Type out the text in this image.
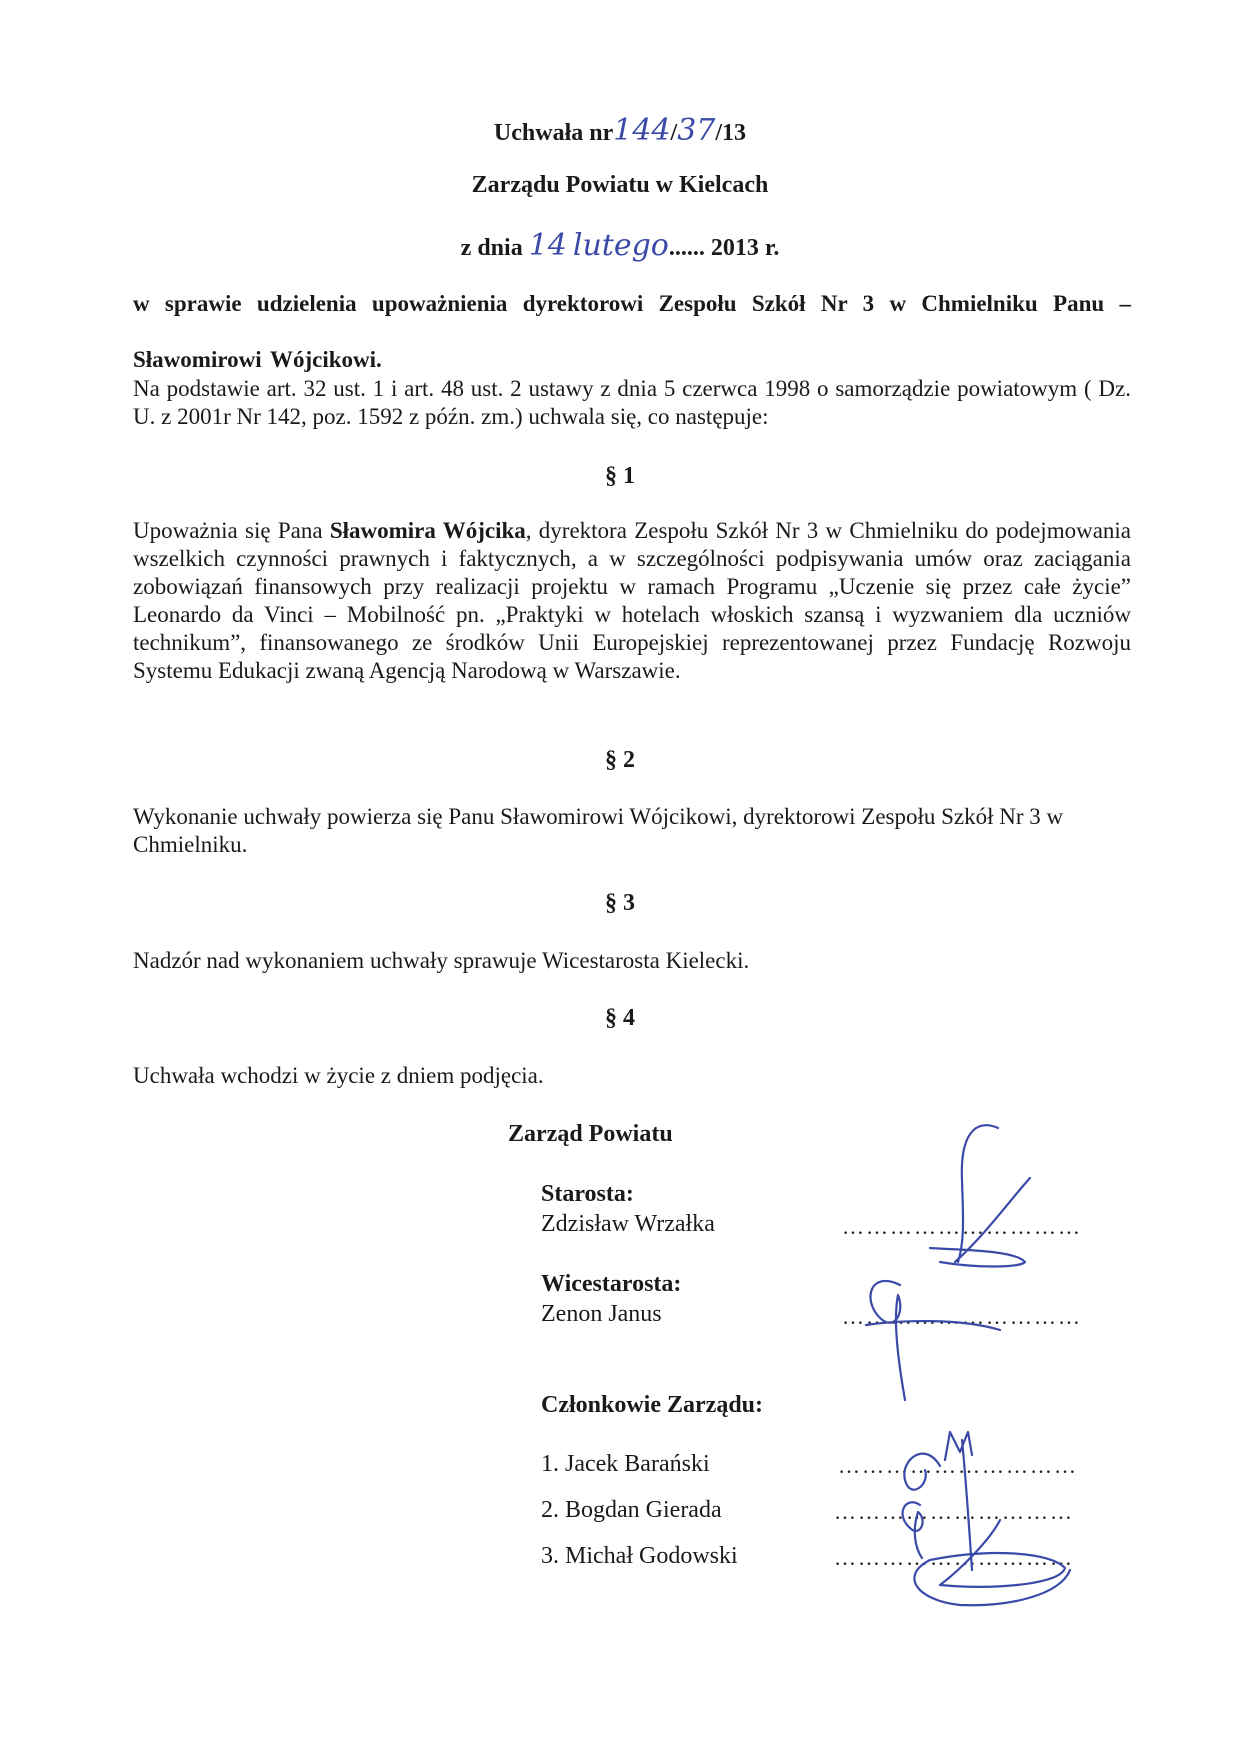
Uchwała nr144/37/13
Zarządu Powiatu w Kielcach
z dnia 14 lutego...... 2013 r.
w sprawie udzielenia upoważnienia dyrektorowi Zespołu Szkół Nr 3 w Chmielniku Panu –
Sławomirowi Wójcikowi.
Na podstawie art. 32 ust. 1 i art. 48 ust. 2 ustawy z dnia 5 czerwca 1998 o samorządzie powiatowym ( Dz. U. z 2001r Nr 142, poz. 1592 z późn. zm.) uchwala się, co następuje:
§ 1
Upoważnia się Pana Sławomira Wójcika, dyrektora Zespołu Szkół Nr 3 w Chmielniku do podejmowania wszelkich czynności prawnych i faktycznych, a w szczególności podpisywania umów oraz zaciągania zobowiązań finansowych przy realizacji projektu w ramach Programu „Uczenie się przez całe życie” Leonardo da Vinci – Mobilność pn. „Praktyki w hotelach włoskich szansą i wyzwaniem dla uczniów technikum”, finansowanego ze środków Unii Europejskiej reprezentowanej przez Fundację Rozwoju Systemu Edukacji zwaną Agencją Narodową w Warszawie.
§ 2
Wykonanie uchwały powierza się Panu Sławomirowi Wójcikowi, dyrektorowi Zespołu Szkół Nr 3 w Chmielniku.
§ 3
Nadzór nad wykonaniem uchwały sprawuje Wicestarosta Kielecki.
§ 4
Uchwała wchodzi w życie z dniem podjęcia.
Zarząd Powiatu
Starosta:
Zdzisław Wrzałka	…………………………
Wicestarosta:
Zenon Janus	…………………………
Członkowie Zarządu:
1. Jacek Barański	…………………………
2. Bogdan Gierada	…………………………
3. Michał Godowski	…………………………
